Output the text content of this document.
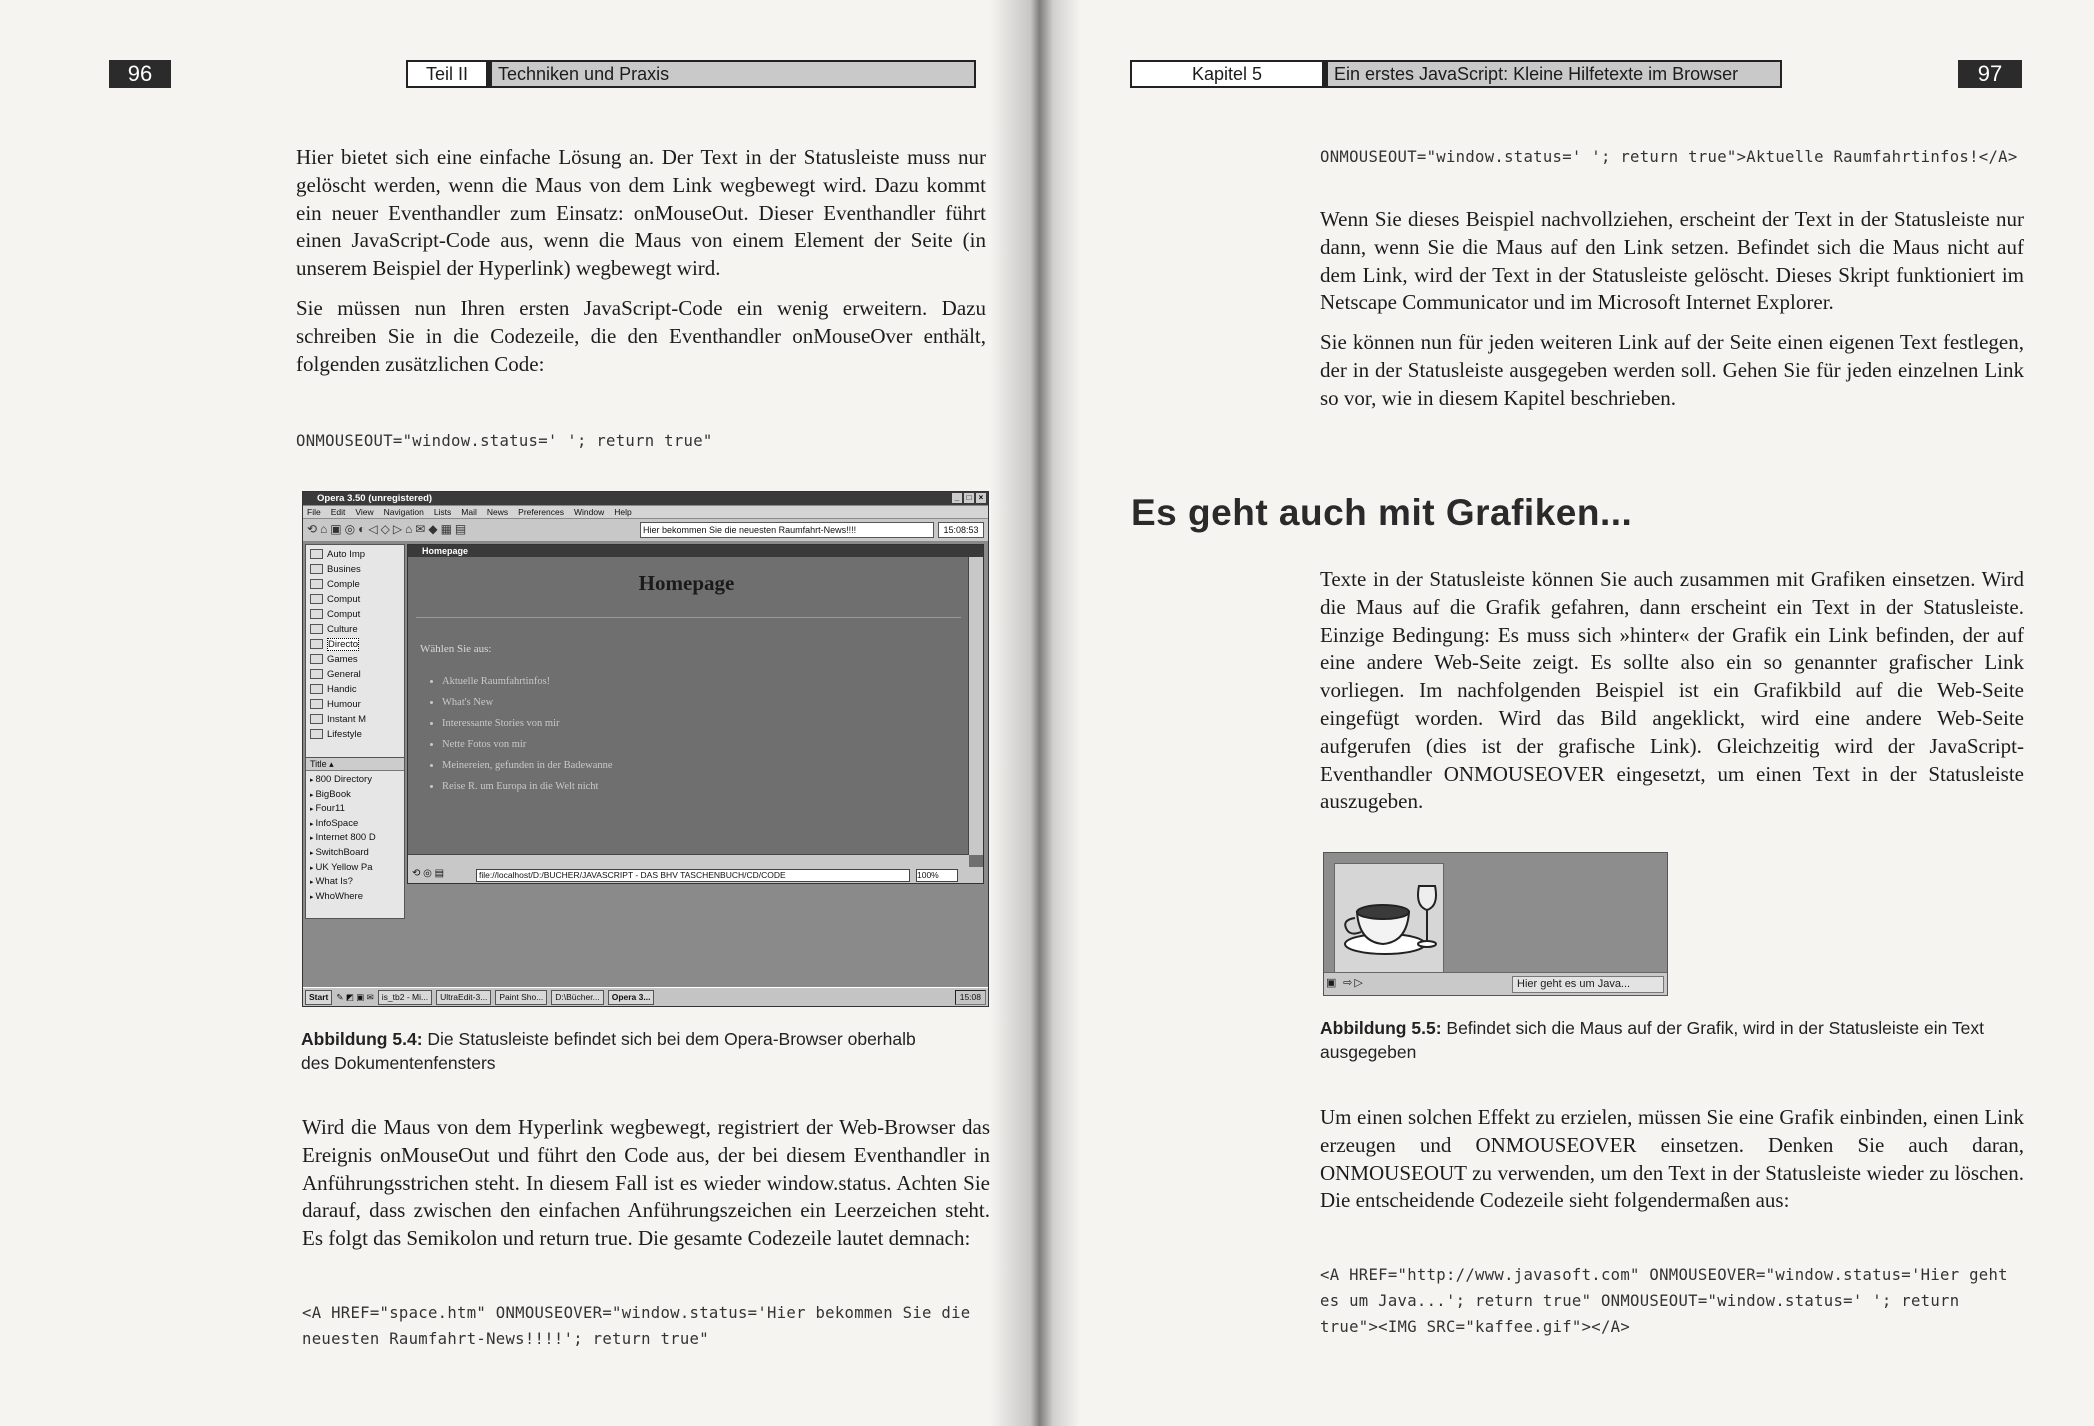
96	Teil II	Techniken und Praxis

Hier bietet sich eine einfache Lösung an. Der Text in der Statusleiste muss nur gelöscht werden, wenn die Maus von dem Link wegbewegt wird. Dazu kommt ein neuer Eventhandler zum Einsatz: onMouseOut. Dieser Eventhandler führt einen JavaScript-Code aus, wenn die Maus von einem Element der Seite (in unserem Beispiel der Hyperlink) wegbewegt wird.

Sie müssen nun Ihren ersten JavaScript-Code ein wenig erweitern. Dazu schreiben Sie in die Codezeile, die den Eventhandler onMouseOver enthält, folgenden zusätzlichen Code:

ONMOUSEOUT="window.status=' '; return true"
Opera 3.50 (unregistered)	_ □ ×
File Edit View Navigation Lists Mail News Preferences Window Help
⟲⌂▣◎◐◁◇▷⌂✉◆▦▤	Hier bekommen Sie die neuesten Raumfahrt-News!!!!	15:08:53
Auto Imp
Busines
Comple
Comput
Comput
Culture
Directo
Games
General
Handic
Humour
Instant M
Lifestyle
Title ▴
▸ 800 Directory
▸ BigBook
▸ Four11
▸ InfoSpace
▸ Internet 800 D
▸ SwitchBoard
▸ UK Yellow Pa
▸ What Is?
▸ WhoWhere
Homepage
Homepage
Wählen Sie aus:
• Aktuelle Raumfahrtinfos!
• What's New
• Interessante Stories von mir
• Nette Fotos von mir
• Meinereien, gefunden in der Badewanne
• Reise R. um Europa in die Welt nicht
⟲ ◎ ▤	file://localhost/D:/BUCHER/JAVASCRIPT - DAS BHV TASCHENBUCH/CD/CODE	100%
Start ✎ ◩ ▣ ✉ is_tb2 - Mi...	UltraEdit-3...	Paint Sho...	D:\Bücher...	Opera 3...	15:08
Abbildung 5.4: Die Statusleiste befindet sich bei dem Opera-Browser oberhalb des Dokumentenfensters

Wird die Maus von dem Hyperlink wegbewegt, registriert der Web-Browser das Ereignis onMouseOut und führt den Code aus, der bei diesem Eventhandler in Anführungsstrichen steht. In diesem Fall ist es wieder window.status. Achten Sie darauf, dass zwischen den einfachen Anführungszeichen ein Leerzeichen steht. Es folgt das Semikolon und return true. Die gesamte Codezeile lautet demnach:

<A HREF="space.htm" ONMOUSEOVER="window.status='Hier bekommen Sie die neuesten Raumfahrt-News!!!!'; return true"
Kapitel 5	Ein erstes JavaScript: Kleine Hilfetexte im Browser	97
ONMOUSEOUT="window.status=' '; return true">Aktuelle Raumfahrtinfos!</A>

Wenn Sie dieses Beispiel nachvollziehen, erscheint der Text in der Statusleiste nur dann, wenn Sie die Maus auf den Link setzen. Befindet sich die Maus nicht auf dem Link, wird der Text in der Statusleiste gelöscht. Dieses Skript funktioniert im Netscape Communicator und im Microsoft Internet Explorer.

Sie können nun für jeden weiteren Link auf der Seite einen eigenen Text festlegen, der in der Statusleiste ausgegeben werden soll. Gehen Sie für jeden einzelnen Link so vor, wie in diesem Kapitel beschrieben.

Es geht auch mit Grafiken...

Texte in der Statusleiste können Sie auch zusammen mit Grafiken einsetzen. Wird die Maus auf die Grafik gefahren, dann erscheint ein Text in der Statusleiste. Einzige Bedingung: Es muss sich »hinter« der Grafik ein Link befinden, der auf eine andere Web-Seite zeigt. Es sollte also ein so genannter grafischer Link vorliegen. Im nachfolgenden Beispiel ist ein Grafikbild auf die Web-Seite eingefügt worden. Wird das Bild angeklickt, wird eine andere Web-Seite aufgerufen (dies ist der grafische Link). Gleichzeitig wird der JavaScript-Eventhandler ONMOUSEOVER eingesetzt, um einen Text in der Statusleiste auszugeben.

▣ ⇨▷	Hier geht es um Java...
Abbildung 5.5: Befindet sich die Maus auf der Grafik, wird in der Statusleiste ein Text ausgegeben

Um einen solchen Effekt zu erzielen, müssen Sie eine Grafik einbinden, einen Link erzeugen und ONMOUSEOVER einsetzen. Denken Sie auch daran, ONMOUSEOUT zu verwenden, um den Text in der Statusleiste wieder zu löschen. Die entscheidende Codezeile sieht folgendermaßen aus:

<A HREF="http://www.javasoft.com" ONMOUSEOVER="window.status='Hier geht es um Java...'; return true" ONMOUSEOUT="window.status=' '; return true"><IMG SRC="kaffee.gif"></A>
